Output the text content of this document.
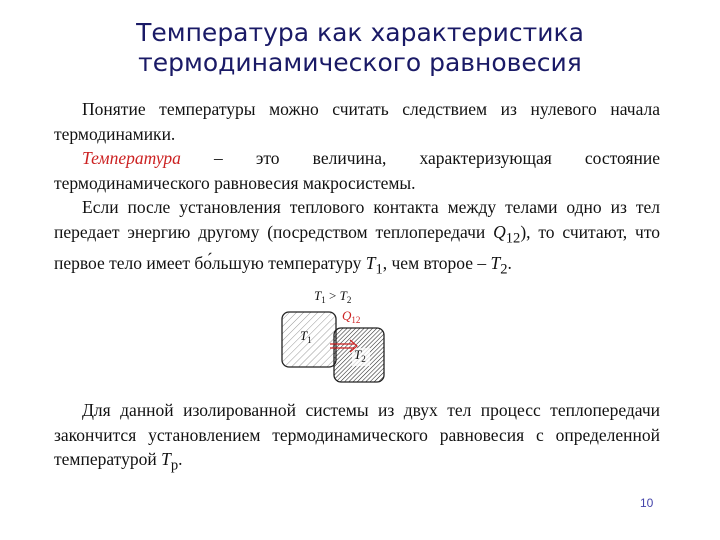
Температура как характеристика
термодинамического равновесия

Понятие температуры можно считать следствием из нулевого начала термодинамики.

Температура – это величина, характеризующая состояние термодинамического равновесия макросистемы.

Если после установления теплового контакта между телами одно из тел передает энергию другому (посредством теплопередачи $Q_{12}$), то считают, что первое тело имеет бо́льшую температуру $T_1$, чем второе – $T_2$.

$T_1 > T_2$
$T_1$
$T_2$
$Q_{12}$

Для данной изолированной системы из двух тел процесс теплопередачи закончится установлением термодинамического равновесия с определенной температурой $T_р$.

10
